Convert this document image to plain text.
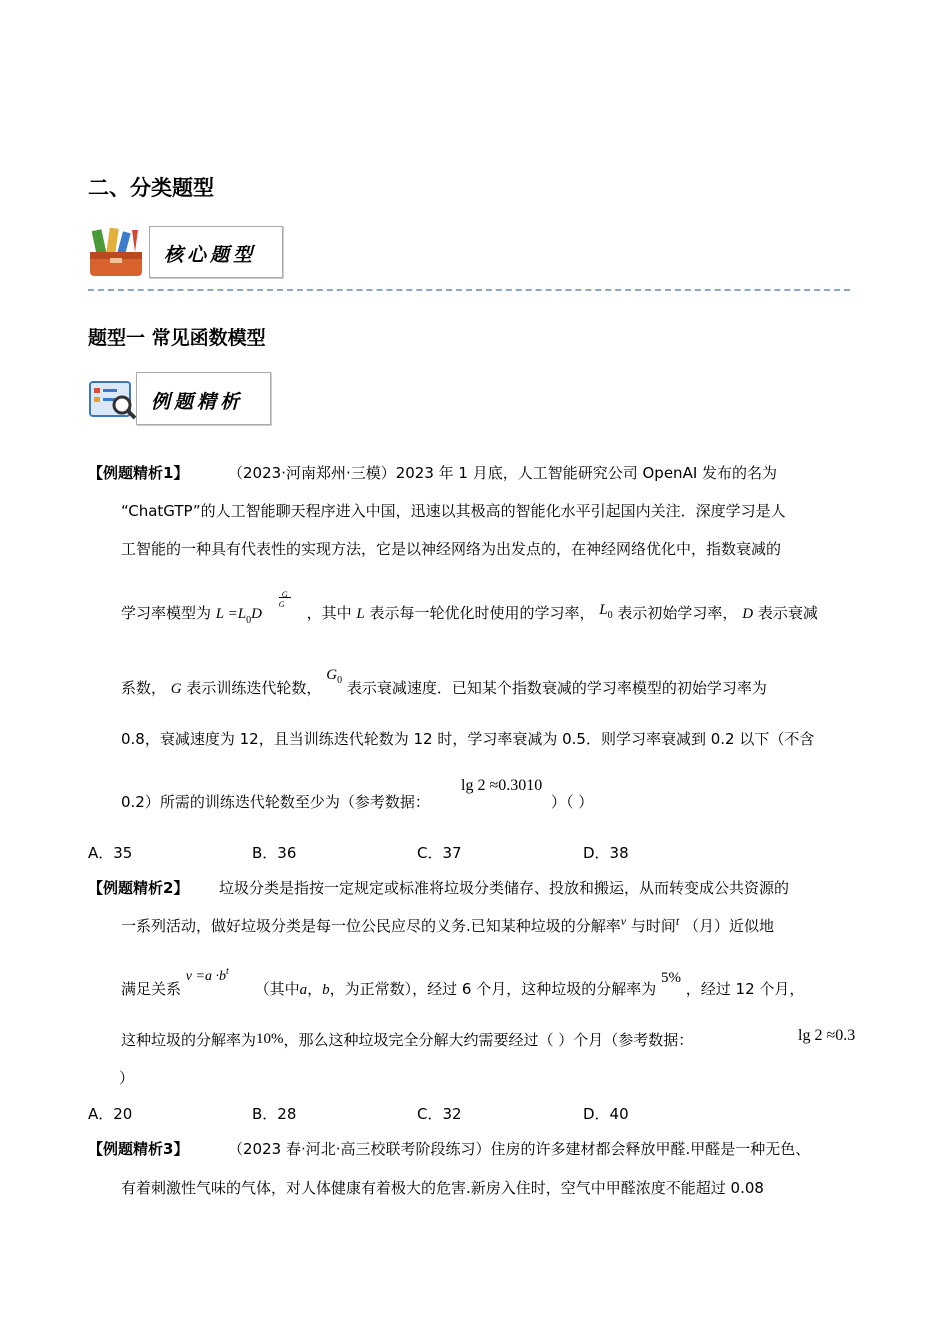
二、分类题型
核心题型
题型一 常见函数模型
例题精析
【例题精析1】	（2023·河南郑州·三模）2023 年 1 月底，人工智能研究公司 OpenAI 发布的名为
“ChatGTP”的人工智能聊天程序进入中国，迅速以其极高的智能化水平引起国内关注．深度学习是人
工智能的一种具有代表性的实现方法，它是以神经网络为出发点的，在神经网络优化中，指数衰减的
学习率模型为 $L =L_0D$
G
G ，其中 L 表示每一轮优化时使用的学习率， L0 表示初始学习率， D 表示衰减
系数， G 表示训练迭代轮数， $G^0$ 表示衰减速度．已知某个指数衰减的学习率模型的初始学习率为
0.8，衰减速度为 12，且当训练迭代轮数为 12 时，学习率衰减为 0.5．则学习率衰减到 0.2 以下（不含
lg 2 ≈0.3010
0.2）所需的训练迭代轮数至少为（参考数据：	）（ ）
A．35	B．36	C．37	D．38
【例题精析2】 垃圾分类是指按一定规定或标准将垃圾分类储存、投放和搬运，从而转变成公共资源的
一系列活动，做好垃圾分类是每一位公民应尽的义务.已知某种垃圾的分解率$^v$ 与时间$^t$ （月）近似地
满足关系 $v =a \cdot b^t$ （其中a，b，为正常数），经过 6 个月，这种垃圾的分解率为 5% ，经过 12 个月，
这种垃圾的分解率为10%，那么这种垃圾完全分解大约需要经过（ ）个月（参考数据：	lg 2 ≈0.3
）
A．20	B．28	C．32	D．40
【例题精析3】	（2023 春·河北·高三校联考阶段练习）住房的许多建材都会释放甲醛.甲醛是一种无色、
有着刺激性气味的气体，对人体健康有着极大的危害.新房入住时，空气中甲醛浓度不能超过 0.08
